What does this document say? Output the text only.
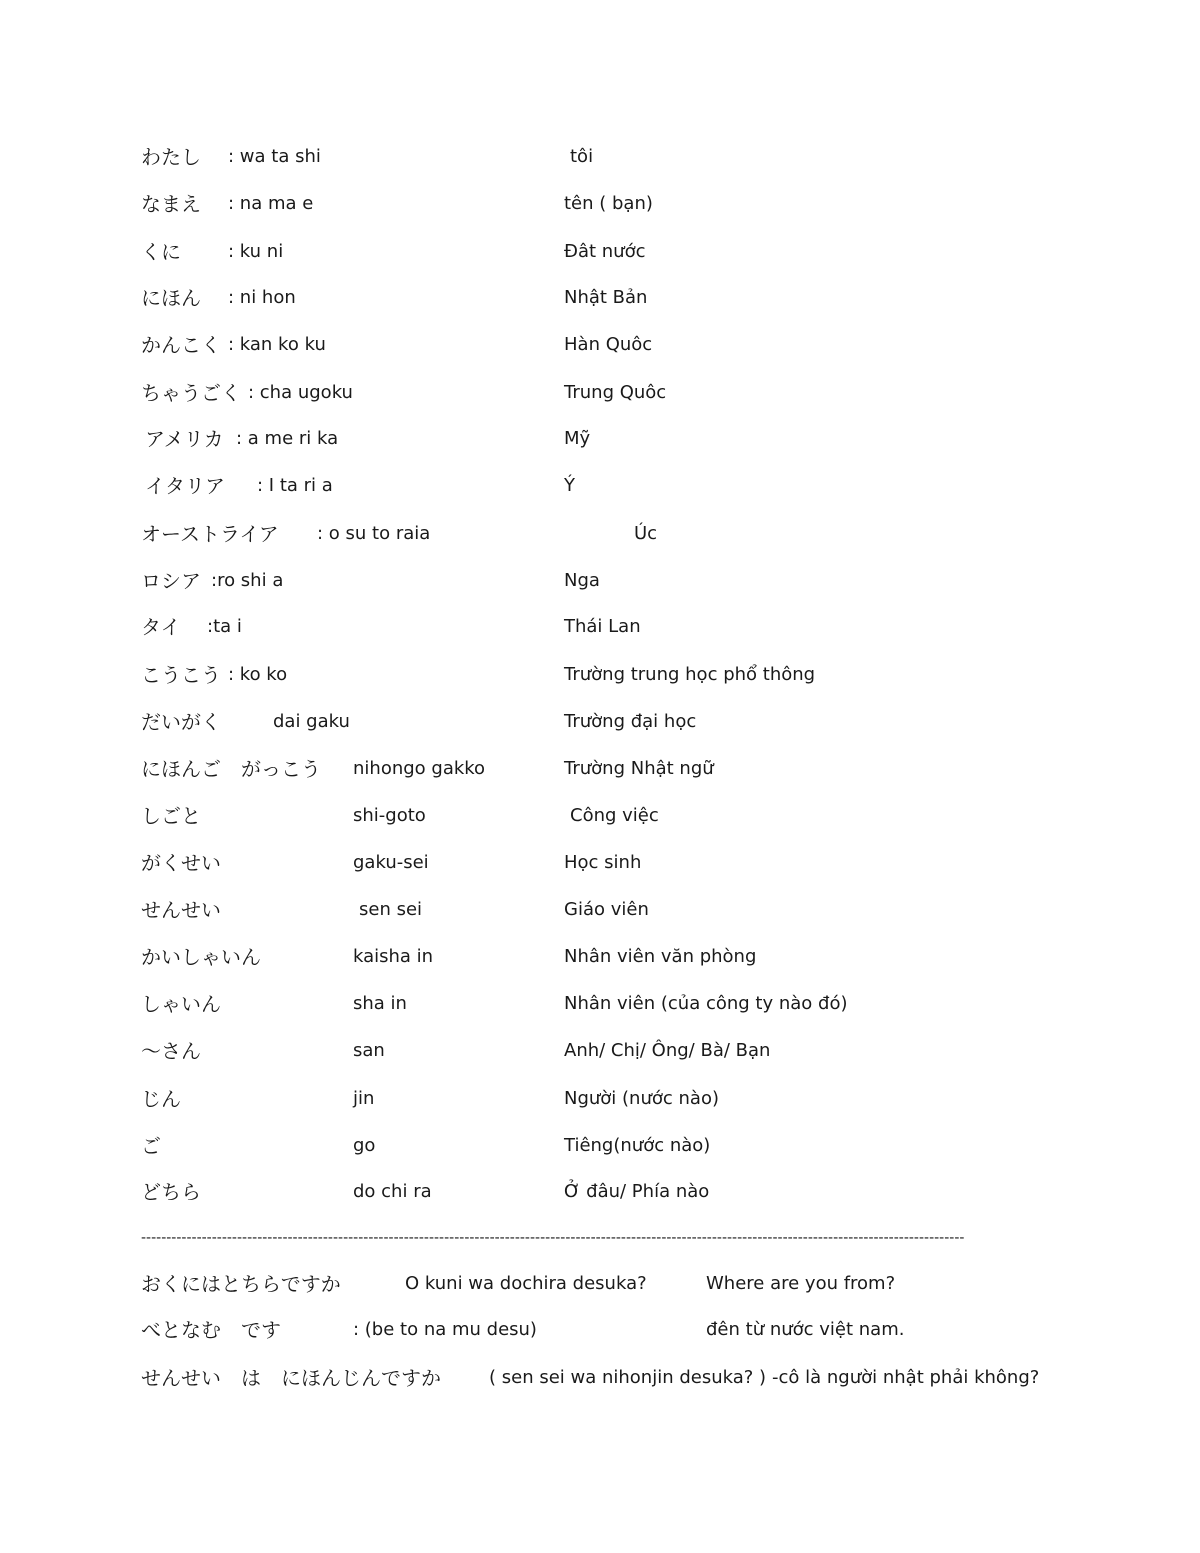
わたし : wa ta shi	tôi
なまえ : na ma e	tên ( bạn)
くに	: ku ni	Đât nước
にほん : ni hon	Nhật Bản
かんこく : kan ko ku	Hàn Quôc
ちゃうごく : cha ugoku	Trung Quôc
アメリカ : a me ri ka	Mỹ
イタリア : I ta ri a	Ý
オーストライア : o su to raia	Úc
ロシア :ro shi a	Nga
タイ :ta i	Thái Lan
こうこう : ko ko	Trường trung học phổ thông
だいがく	dai gaku	Trường đại học
にほんご　がっこう nihongo gakko	Trường Nhật ngữ
しごと	shi-goto	Công việc
がくせい	gaku-sei	Học sinh
せんせい	sen sei	Giáo viên
かいしゃいん	kaisha in	Nhân viên văn phòng
しゃいん	sha in	Nhân viên (của công ty nào đó)
～さん	san	Anh/ Chị/ Ông/ Bà/ Bạn
じん	jin	Người (nước nào)
ご	go	Tiêng(nước nào)
どちら	do chi ra	Ở đâu/ Phía nào
-------------------------------------------------------------------------------------------------------------------------------------------------------------------
おくにはとちらですか	O kuni wa dochira desuka?	Where are you from?
べとなむ　です	: (be to na mu desu)	đên từ nước việt nam.
せんせい　は　にほんじんですか	( sen sei wa nihonjin desuka? ) -cô là người nhật phải không?
